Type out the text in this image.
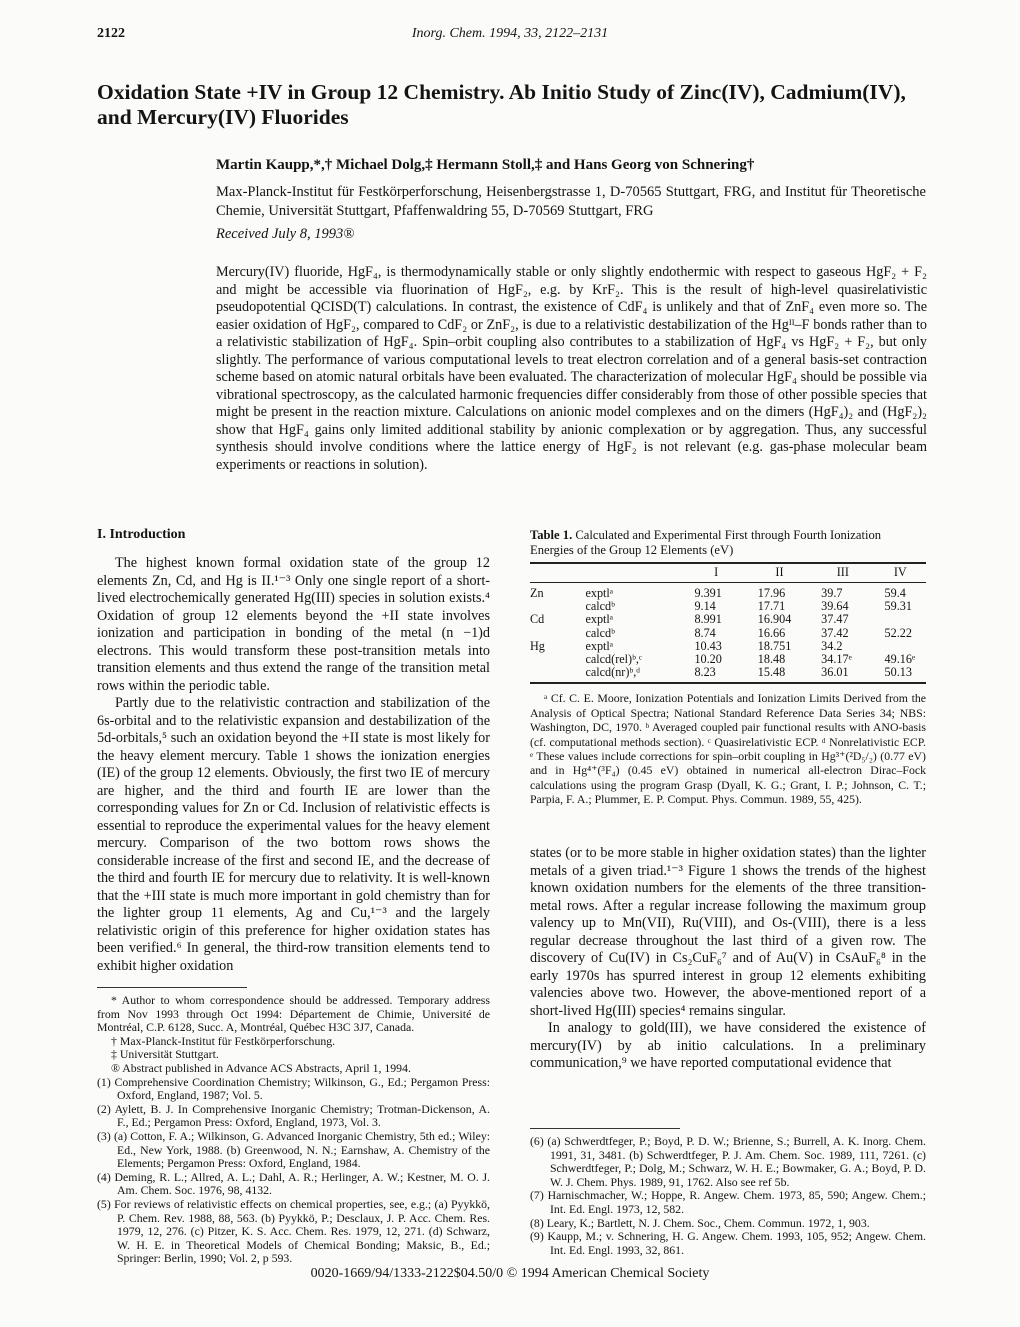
2122	Inorg. Chem. 1994, 33, 2122–2131
Oxidation State +IV in Group 12 Chemistry. Ab Initio Study of Zinc(IV), Cadmium(IV), and Mercury(IV) Fluorides
Martin Kaupp,*,† Michael Dolg,‡ Hermann Stoll,‡ and Hans Georg von Schnering†
Max-Planck-Institut für Festkörperforschung, Heisenbergstrasse 1, D-70565 Stuttgart, FRG, and Institut für Theoretische Chemie, Universität Stuttgart, Pfaffenwaldring 55, D-70569 Stuttgart, FRG
Received July 8, 1993®
Mercury(IV) fluoride, HgF₄, is thermodynamically stable or only slightly endothermic with respect to gaseous HgF₂ + F₂ and might be accessible via fluorination of HgF₂, e.g. by KrF₂. This is the result of high-level quasirelativistic pseudopotential QCISD(T) calculations. In contrast, the existence of CdF₄ is unlikely and that of ZnF₄ even more so. The easier oxidation of HgF₂, compared to CdF₂ or ZnF₂, is due to a relativistic destabilization of the Hgᴵᴵ–F bonds rather than to a relativistic stabilization of HgF₄. Spin–orbit coupling also contributes to a stabilization of HgF₄ vs HgF₂ + F₂, but only slightly. The performance of various computational levels to treat electron correlation and of a general basis-set contraction scheme based on atomic natural orbitals have been evaluated. The characterization of molecular HgF₄ should be possible via vibrational spectroscopy, as the calculated harmonic frequencies differ considerably from those of other possible species that might be present in the reaction mixture. Calculations on anionic model complexes and on the dimers (HgF₄)₂ and (HgF₂)₂ show that HgF₄ gains only limited additional stability by anionic complexation or by aggregation. Thus, any successful synthesis should involve conditions where the lattice energy of HgF₂ is not relevant (e.g. gas-phase molecular beam experiments or reactions in solution).
I. Introduction

The highest known formal oxidation state of the group 12 elements Zn, Cd, and Hg is II.¹⁻³ Only one single report of a short-lived electrochemically generated Hg(III) species in solution exists.⁴ Oxidation of group 12 elements beyond the +II state involves ionization and participation in bonding of the metal (n −1)d electrons. This would transform these post-transition metals into transition elements and thus extend the range of the transition metal rows within the periodic table.

Partly due to the relativistic contraction and stabilization of the 6s-orbital and to the relativistic expansion and destabilization of the 5d-orbitals,⁵ such an oxidation beyond the +II state is most likely for the heavy element mercury. Table 1 shows the ionization energies (IE) of the group 12 elements. Obviously, the first two IE of mercury are higher, and the third and fourth IE are lower than the corresponding values for Zn or Cd. Inclusion of relativistic effects is essential to reproduce the experimental values for the heavy element mercury. Comparison of the two bottom rows shows the considerable increase of the first and second IE, and the decrease of the third and fourth IE for mercury due to relativity. It is well-known that the +III state is much more important in gold chemistry than for the lighter group 11 elements, Ag and Cu,¹⁻³ and the largely relativistic origin of this preference for higher oxidation states has been verified.⁶ In general, the third-row transition elements tend to exhibit higher oxidation

* Author to whom correspondence should be addressed. Temporary address from Nov 1993 through Oct 1994: Département de Chimie, Université de Montréal, C.P. 6128, Succ. A, Montréal, Québec H3C 3J7, Canada.
† Max-Planck-Institut für Festkörperforschung.
‡ Universität Stuttgart.
® Abstract published in Advance ACS Abstracts, April 1, 1994.
(1) Comprehensive Coordination Chemistry; Wilkinson, G., Ed.; Pergamon Press: Oxford, England, 1987; Vol. 5.
(2) Aylett, B. J. In Comprehensive Inorganic Chemistry; Trotman-Dickenson, A. F., Ed.; Pergamon Press: Oxford, England, 1973, Vol. 3.
(3) (a) Cotton, F. A.; Wilkinson, G. Advanced Inorganic Chemistry, 5th ed.; Wiley: Ed., New York, 1988. (b) Greenwood, N. N.; Earnshaw, A. Chemistry of the Elements; Pergamon Press: Oxford, England, 1984.
(4) Deming, R. L.; Allred, A. L.; Dahl, A. R.; Herlinger, A. W.; Kestner, M. O. J. Am. Chem. Soc. 1976, 98, 4132.
(5) For reviews of relativistic effects on chemical properties, see, e.g.; (a) Pyykkö, P. Chem. Rev. 1988, 88, 563. (b) Pyykkö, P.; Desclaux, J. P. Acc. Chem. Res. 1979, 12, 276. (c) Pitzer, K. S. Acc. Chem. Res. 1979, 12, 271. (d) Schwarz, W. H. E. in Theoretical Models of Chemical Bonding; Maksic, B., Ed.; Springer: Berlin, 1990; Vol. 2, p 593.
Table 1. Calculated and Experimental First through Fourth Ionization Energies of the Group 12 Elements (eV)
		I	II	III	IV
Zn	exptlᵃ	9.391	17.96	39.7	59.4
	calcdᵇ	9.14	17.71	39.64	59.31
Cd	exptlᵃ	8.991	16.904	37.47	
	calcdᵇ	8.74	16.66	37.42	52.22
Hg	exptlᵃ	10.43	18.751	34.2	
	calcd(rel)ᵇ,ᶜ	10.20	18.48	34.17ᵉ	49.16ᵉ
	calcd(nr)ᵇ,ᵈ	8.23	15.48	36.01	50.13
ᵃ Cf. C. E. Moore, Ionization Potentials and Ionization Limits Derived from the Analysis of Optical Spectra; National Standard Reference Data Series 34; NBS: Washington, DC, 1970. ᵇ Averaged coupled pair functional results with ANO-basis (cf. computational methods section). ᶜ Quasirelativistic ECP. ᵈ Nonrelativistic ECP. ᵉ These values include corrections for spin–orbit coupling in Hg³⁺(²D₅/₂) (0.77 eV) and in Hg⁴⁺(³F₄) (0.45 eV) obtained in numerical all-electron Dirac–Fock calculations using the program Grasp (Dyall, K. G.; Grant, I. P.; Johnson, C. T.; Parpia, F. A.; Plummer, E. P. Comput. Phys. Commun. 1989, 55, 425).

states (or to be more stable in higher oxidation states) than the lighter metals of a given triad.¹⁻³ Figure 1 shows the trends of the highest known oxidation numbers for the elements of the three transition-metal rows. After a regular increase following the maximum group valency up to Mn(VII), Ru(VIII), and Os-(VIII), there is a less regular decrease throughout the last third of a given row. The discovery of Cu(IV) in Cs₂CuF₆⁷ and of Au(V) in CsAuF₆⁸ in the early 1970s has spurred interest in group 12 elements exhibiting valencies above two. However, the above-mentioned report of a short-lived Hg(III) species⁴ remains singular.

In analogy to gold(III), we have considered the existence of mercury(IV) by ab initio calculations. In a preliminary communication,⁹ we have reported computational evidence that

(6) (a) Schwerdtfeger, P.; Boyd, P. D. W.; Brienne, S.; Burrell, A. K. Inorg. Chem. 1991, 31, 3481. (b) Schwerdtfeger, P. J. Am. Chem. Soc. 1989, 111, 7261. (c) Schwerdtfeger, P.; Dolg, M.; Schwarz, W. H. E.; Bowmaker, G. A.; Boyd, P. D. W. J. Chem. Phys. 1989, 91, 1762. Also see ref 5b.
(7) Harnischmacher, W.; Hoppe, R. Angew. Chem. 1973, 85, 590; Angew. Chem.; Int. Ed. Engl. 1973, 12, 582.
(8) Leary, K.; Bartlett, N. J. Chem. Soc., Chem. Commun. 1972, 1, 903.
(9) Kaupp, M.; v. Schnering, H. G. Angew. Chem. 1993, 105, 952; Angew. Chem. Int. Ed. Engl. 1993, 32, 861.
0020-1669/94/1333-2122$04.50/0 © 1994 American Chemical Society
